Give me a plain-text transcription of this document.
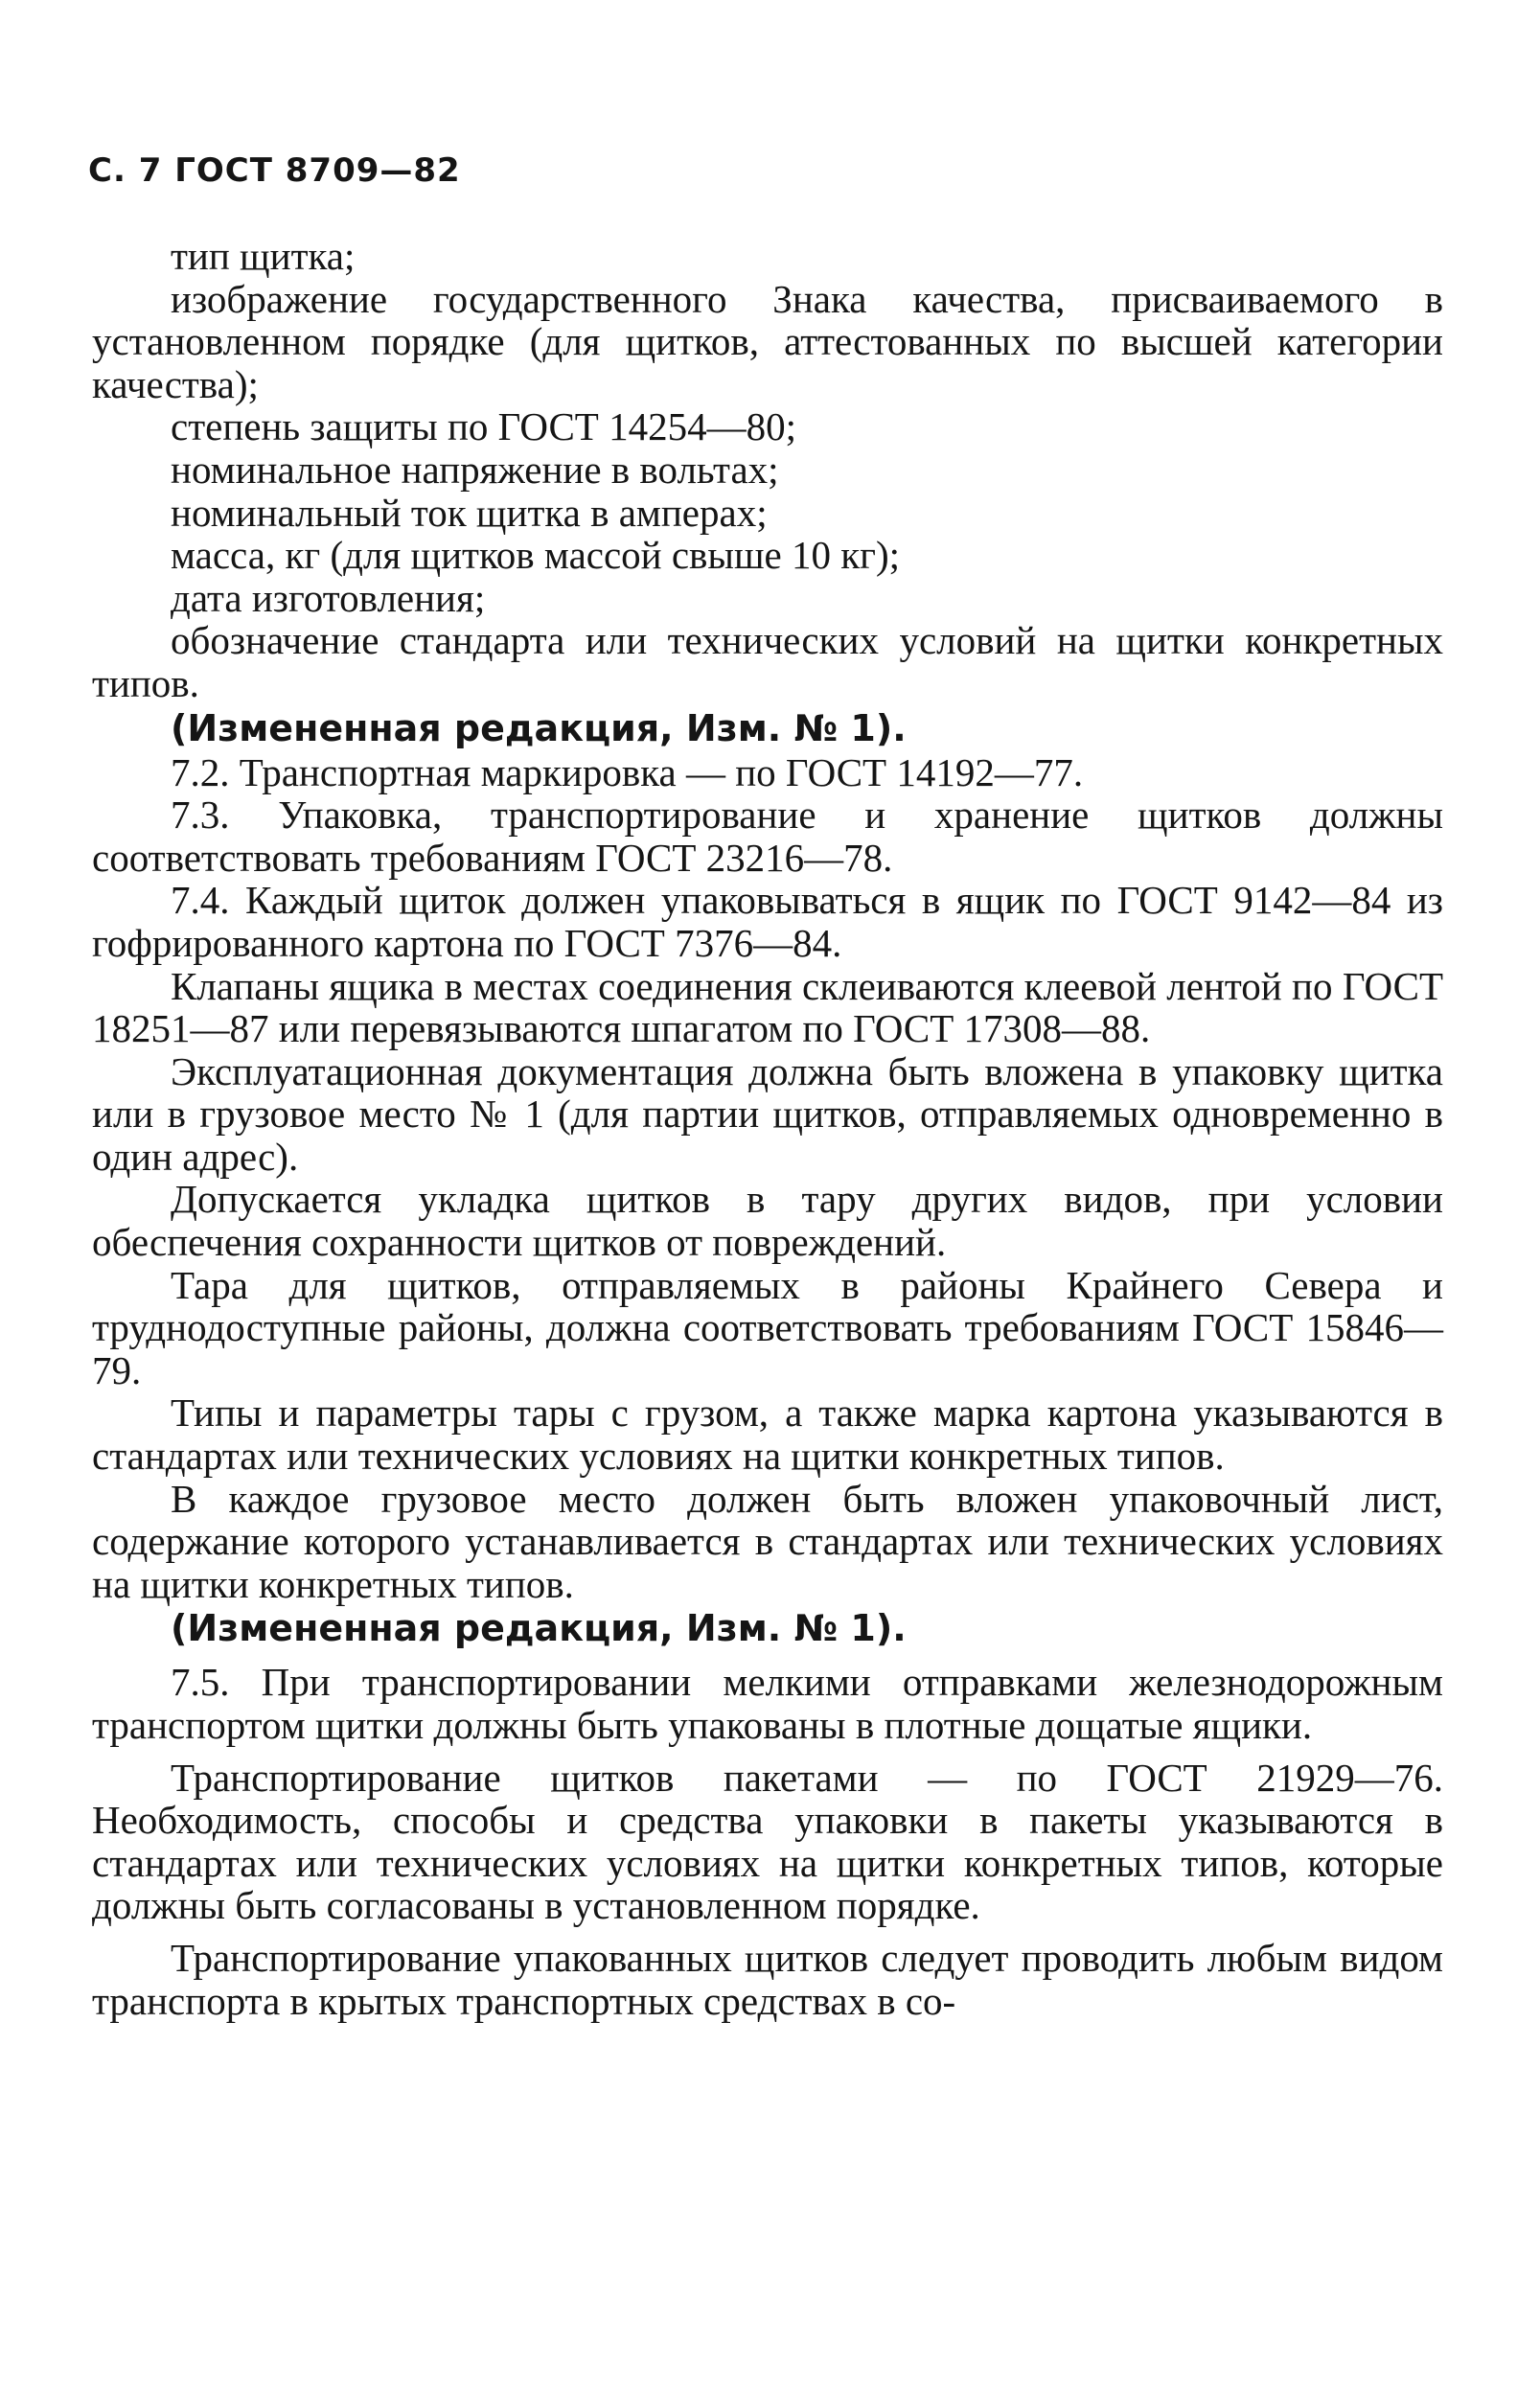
С. 7 ГОСТ 8709—82

тип щитка;

изображение государственного Знака качества, присваиваемого в установленном порядке (для щитков, аттестованных по высшей категории качества);

степень защиты по ГОСТ 14254—80;

номинальное напряжение в вольтах;

номинальный ток щитка в амперах;

масса, кг (для щитков массой свыше 10 кг);

дата изготовления;

обозначение стандарта или технических условий на щитки конкретных типов.

(Измененная редакция, Изм. № 1).

7.2. Транспортная маркировка — по ГОСТ 14192—77.

7.3. Упаковка, транспортирование и хранение щитков должны соответствовать требованиям ГОСТ 23216—78.

7.4. Каждый щиток должен упаковываться в ящик по ГОСТ 9142—84 из гофрированного картона по ГОСТ 7376—84.

Клапаны ящика в местах соединения склеиваются клеевой лентой по ГОСТ 18251—87 или перевязываются шпагатом по ГОСТ 17308—88.

Эксплуатационная документация должна быть вложена в упаковку щитка или в грузовое место № 1 (для партии щитков, отправляемых одновременно в один адрес).

Допускается укладка щитков в тару других видов, при условии обеспечения сохранности щитков от повреждений.

Тара для щитков, отправляемых в районы Крайнего Севера и труднодоступные районы, должна соответствовать требованиям ГОСТ 15846—79.

Типы и параметры тары с грузом, а также марка картона указываются в стандартах или технических условиях на щитки конкретных типов.

В каждое грузовое место должен быть вложен упаковочный лист, содержание которого устанавливается в стандартах или технических условиях на щитки конкретных типов.

(Измененная редакция, Изм. № 1).

7.5. При транспортировании мелкими отправками железнодорожным транспортом щитки должны быть упакованы в плотные дощатые ящики.

Транспортирование щитков пакетами — по ГОСТ 21929—76. Необходимость, способы и средства упаковки в пакеты указываются в стандартах или технических условиях на щитки конкретных типов, которые должны быть согласованы в установленном порядке.

Транспортирование упакованных щитков следует проводить любым видом транспорта в крытых транспортных средствах в со-
